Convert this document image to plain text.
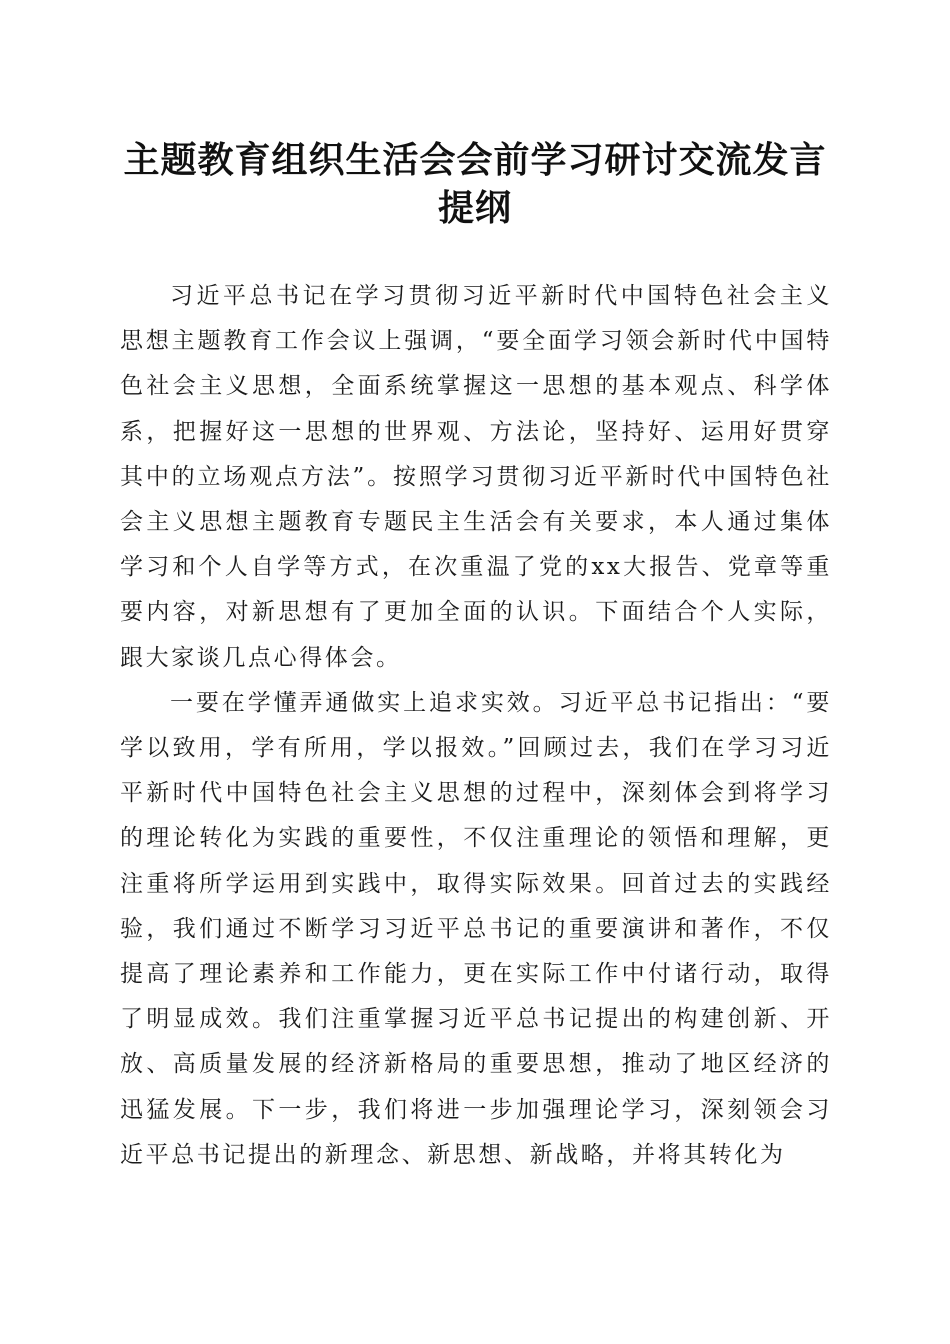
主题教育组织生活会会前学习研讨交流发言提纲

习近平总书记在学习贯彻习近平新时代中国特色社会主义思想主题教育工作会议上强调，“要全面学习领会新时代中国特色社会主义思想，全面系统掌握这一思想的基本观点、科学体系，把握好这一思想的世界观、方法论，坚持好、运用好贯穿其中的立场观点方法”。按照学习贯彻习近平新时代中国特色社会主义思想主题教育专题民主生活会有关要求，本人通过集体学习和个人自学等方式，在次重温了党的xx大报告、党章等重要内容，对新思想有了更加全面的认识。下面结合个人实际，跟大家谈几点心得体会。

一要在学懂弄通做实上追求实效。习近平总书记指出：“要学以致用，学有所用，学以报效。”回顾过去，我们在学习习近平新时代中国特色社会主义思想的过程中，深刻体会到将学习的理论转化为实践的重要性，不仅注重理论的领悟和理解，更注重将所学运用到实践中，取得实际效果。回首过去的实践经验，我们通过不断学习习近平总书记的重要演讲和著作，不仅提高了理论素养和工作能力，更在实际工作中付诸行动，取得了明显成效。我们注重掌握习近平总书记提出的构建创新、开放、高质量发展的经济新格局的重要思想，推动了地区经济的迅猛发展。下一步，我们将进一步加强理论学习，深刻领会习近平总书记提出的新理念、新思想、新战略，并将其转化为
